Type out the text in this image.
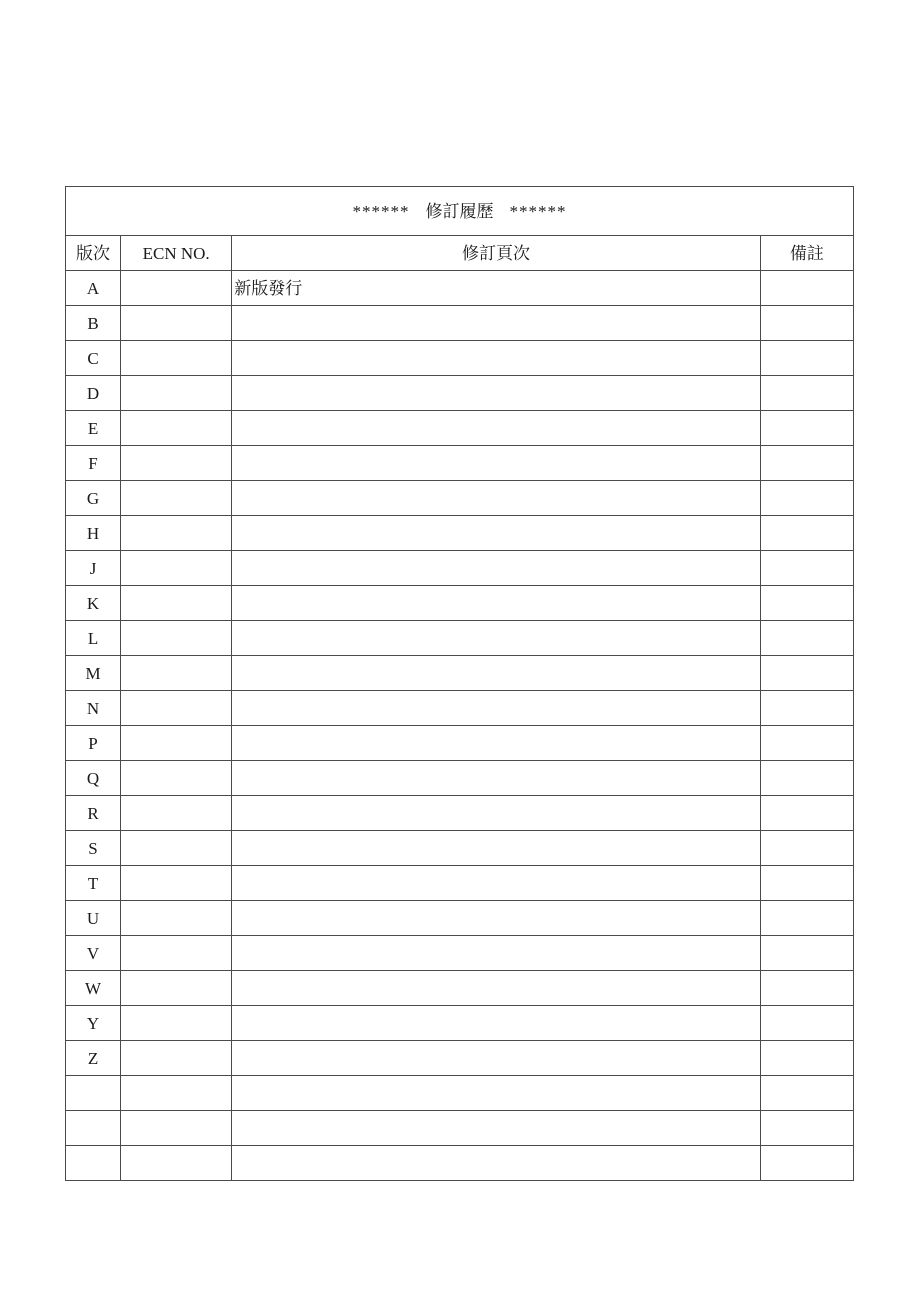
****** 修訂履歷 ******			
版次	ECN NO.	修訂頁次	備註
A		新版發行	
B			
C			
D			
E			
F			
G			
H			
J			
K			
L			
M			
N			
P			
Q			
R			
S			
T			
U			
V			
W			
Y			
Z			
